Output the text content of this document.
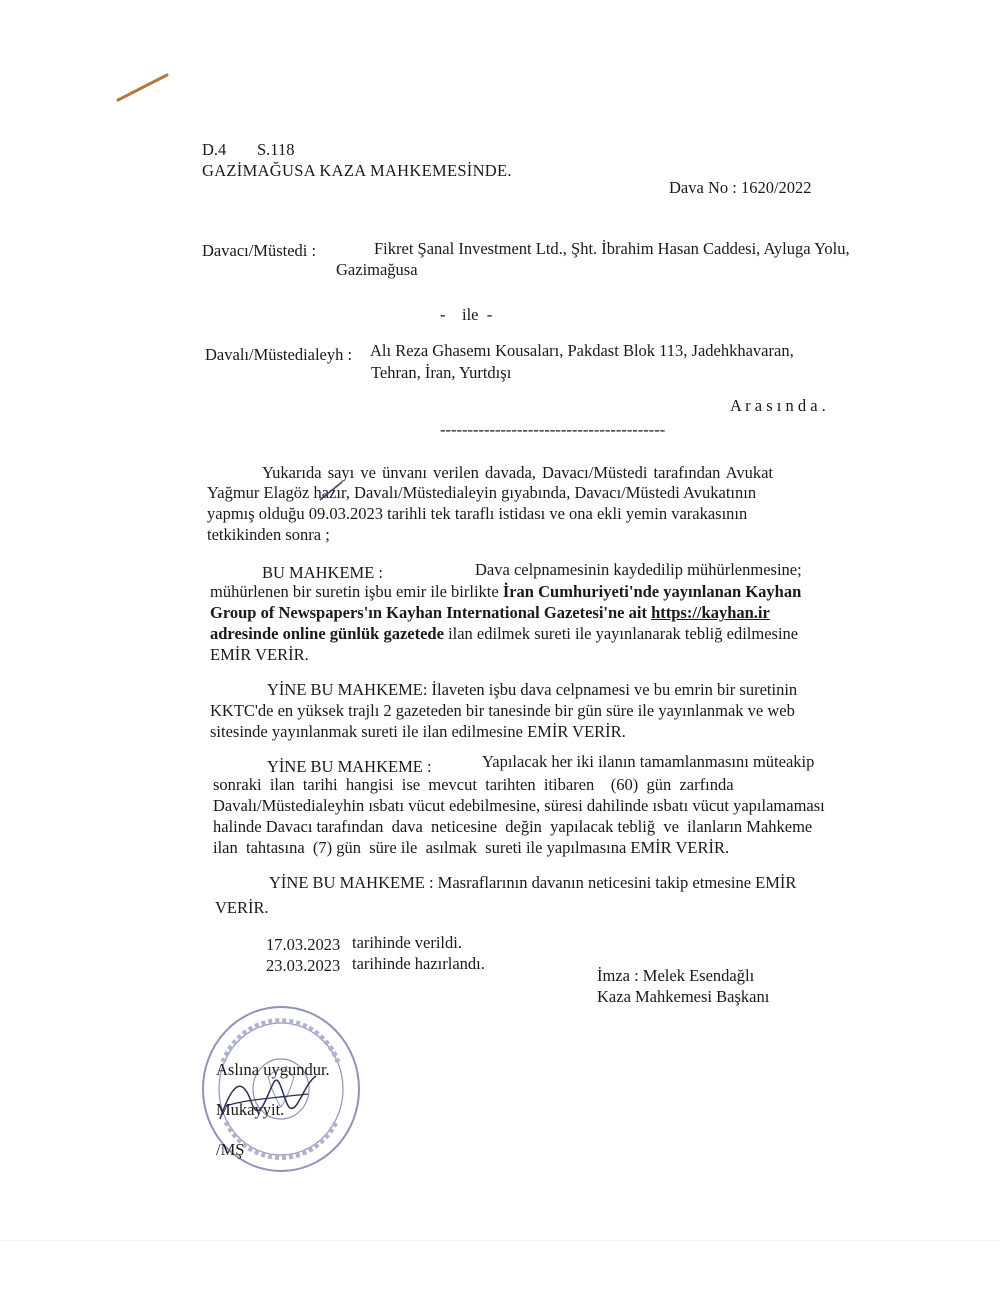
D.4 S.118
GAZİMAĞUSA KAZA MAHKEMESİNDE.
Dava No : 1620/2022
Davacı/Müstedi :	Fikret Şanal Investment Ltd., Şht. İbrahim Hasan Caddesi, Ayluga Yolu,
Gazimağusa
-    ile  -
Davalı/Müstedialeyh : Alı Reza Ghasemı Kousaları, Pakdast Blok 113, Jadehkhavaran,
Tehran, İran, Yurtdışı
A r a s ı n d a .
-----------------------------------------
Yukarıda sayı ve ünvanı verilen davada, Davacı/Müstedi tarafından Avukat
Yağmur Elagöz hazır, Davalı/Müstedialeyin gıyabında, Davacı/Müstedi Avukatının
yapmış olduğu 09.03.2023 tarihli tek taraflı istidası ve ona ekli yemin varakasının
tetkikinden sonra ;
BU MAHKEME :	Dava celpnamesinin kaydedilip mühürlenmesine;
mühürlenen bir suretin işbu emir ile birlikte İran Cumhuriyeti'nde yayınlanan Kayhan
Group of Newspapers'ın Kayhan International Gazetesi'ne ait https://kayhan.ir
adresinde online günlük gazetede ilan edilmek sureti ile yayınlanarak tebliğ edilmesine
EMİR VERİR.
YİNE BU MAHKEME: İlaveten işbu dava celpnamesi ve bu emrin bir suretinin
KKTC'de en yüksek trajlı 2 gazeteden bir tanesinde bir gün süre ile yayınlanmak ve web
sitesinde yayınlanmak sureti ile ilan edilmesine EMİR VERİR.
YİNE BU MAHKEME :	Yapılacak her iki ilanın tamamlanmasını müteakip
sonraki  ilan  tarihi  hangisi  ise  mevcut  tarihten  itibaren    (60)  gün  zarfında
Davalı/Müstedialeyhin ısbatı vücut edebilmesine, süresi dahilinde ısbatı vücut yapılamaması
halinde Davacı tarafından  dava  neticesine  değin  yapılacak tebliğ  ve  ilanların Mahkeme
ilan  tahtasına  (7) gün  süre ile  asılmak  sureti ile yapılmasına EMİR VERİR.
YİNE BU MAHKEME : Masraflarının davanın neticesini takip etmesine EMİR
VERİR.
17.03.2023 tarihinde verildi.
23.03.2023 tarihinde hazırlandı.
İmza : Melek Esendağlı
Kaza Mahkemesi Başkanı
Aslına uygundur.
Mukayyit.
/MŞ
